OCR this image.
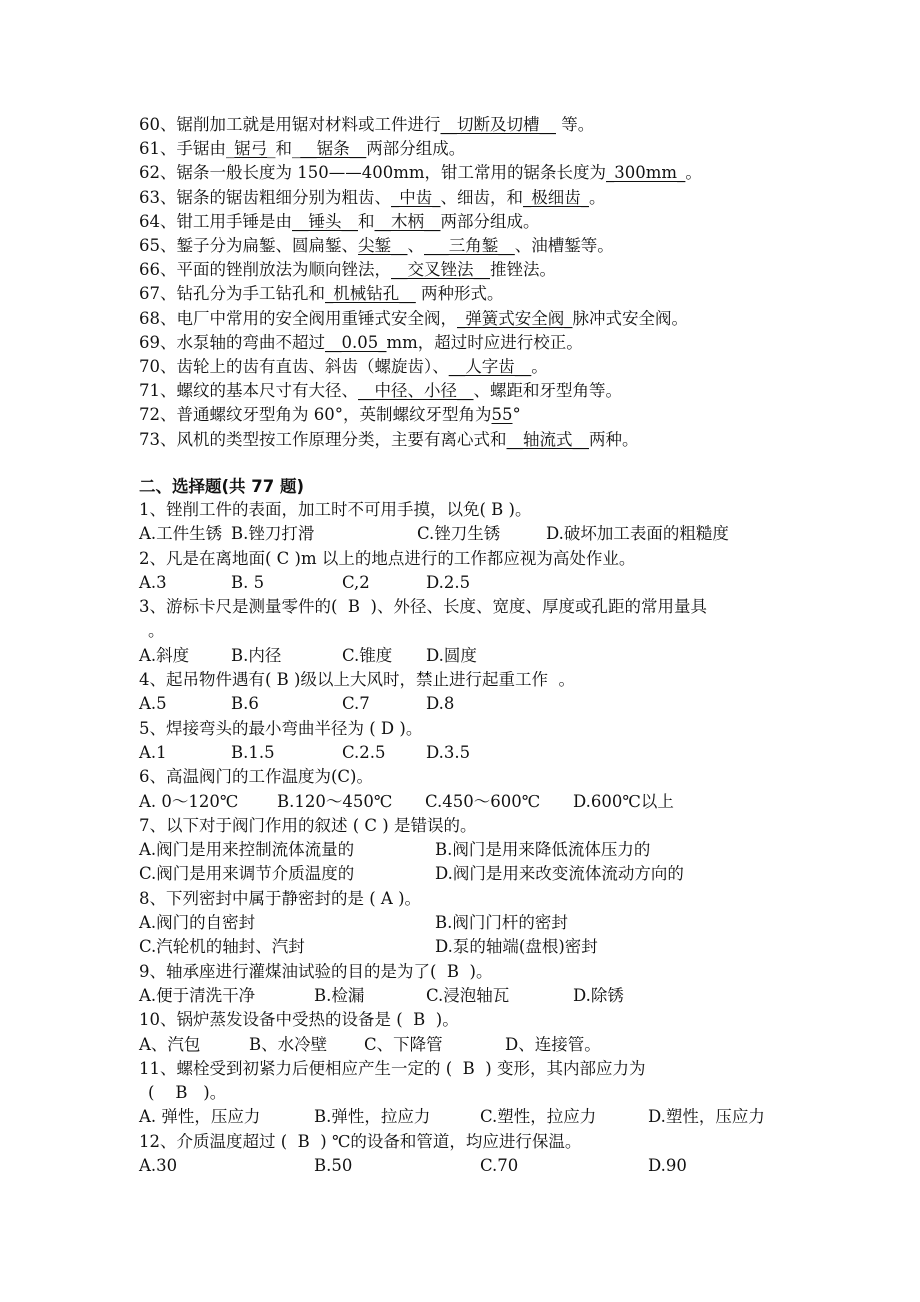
60、锯削加工就是用锯对材料或工件进行__切断及切槽__ 等。
61、手锯由_锯弓_和___锯条__两部分组成。
62、锯条一般长度为 150——400mm，钳工常用的锯条长度为_300mm_。
63、锯条的锯齿粗细分别为粗齿、_中齿_、细齿，和_极细齿_。
64、钳工用手锤是由__锤头__和__木柄__两部分组成。
65、錾子分为扁錾、圆扁錾、尖錾__、___三角錾__、油槽錾等。
66、平面的锉削放法为顺向锉法，__交叉锉法__推锉法。
67、钻孔分为手工钻孔和_机械钻孔__ 两种形式。
68、电厂中常用的安全阀用重锤式安全阀，_弹簧式安全阀_脉冲式安全阀。
69、水泵轴的弯曲不超过__0.05_mm，超过时应进行校正。
70、齿轮上的齿有直齿、斜齿（螺旋齿）、__人字齿__。
71、螺纹的基本尺寸有大径、__中径、小径__、螺距和牙型角等。
72、普通螺纹牙型角为 60°，英制螺纹牙型角为55°
73、风机的类型按工作原理分类，主要有离心式和__轴流式__两种。
二、选择题(共 77 题)
1、锉削工件的表面，加工时不可用手摸，以免( B )。
A.工件生锈 B.锉刀打滑	C.锉刀生锈	D.破坏加工表面的粗糙度
2、凡是在离地面( C )m 以上的地点进行的工作都应视为高处作业。
A.3	B. 5	C,2	D.2.5
3、游标卡尺是测量零件的(  B  )、外径、长度、宽度、厚度或孔距的常用量具
。
A.斜度	B.内径	C.锥度 D.圆度
4、起吊物件遇有( B )级以上大风时，禁止进行起重工作  。
A.5	B.6	C.7	D.8
5、焊接弯头的最小弯曲半径为 ( D )。
A.1	B.1.5	C.2.5 D.3.5
6、高温阀门的工作温度为(C)。
A. 0～120℃ B.120～450℃ C.450～600℃ D.600℃以上
7、以下对于阀门作用的叙述 ( C ) 是错误的。
A.阀门是用来控制流体流量的	B.阀门是用来降低流体压力的
C.阀门是用来调节介质温度的	D.阀门是用来改变流体流动方向的
8、下列密封中属于静密封的是 ( A )。
A.阀门的自密封	B.阀门门杆的密封
C.汽轮机的轴封、汽封	D.泵的轴端(盘根)密封
9、轴承座进行灌煤油试验的目的是为了(  B  )。
A.便于清洗干净	B.检漏	C.浸泡轴瓦	D.除锈
10、锅炉蒸发设备中受热的设备是 (  B  )。
A、汽包	B、水冷壁 C、下降管	D、连接管。
11、螺栓受到初紧力后便相应产生一定的 (  B  ) 变形，其内部应力为
(    B   )。
A. 弹性，压应力	B.弹性，拉应力	C.塑性，拉应力	D.塑性，压应力
12、介质温度超过 (  B  ) ℃的设备和管道，均应进行保温。
A.30	B.50	C.70	D.90
